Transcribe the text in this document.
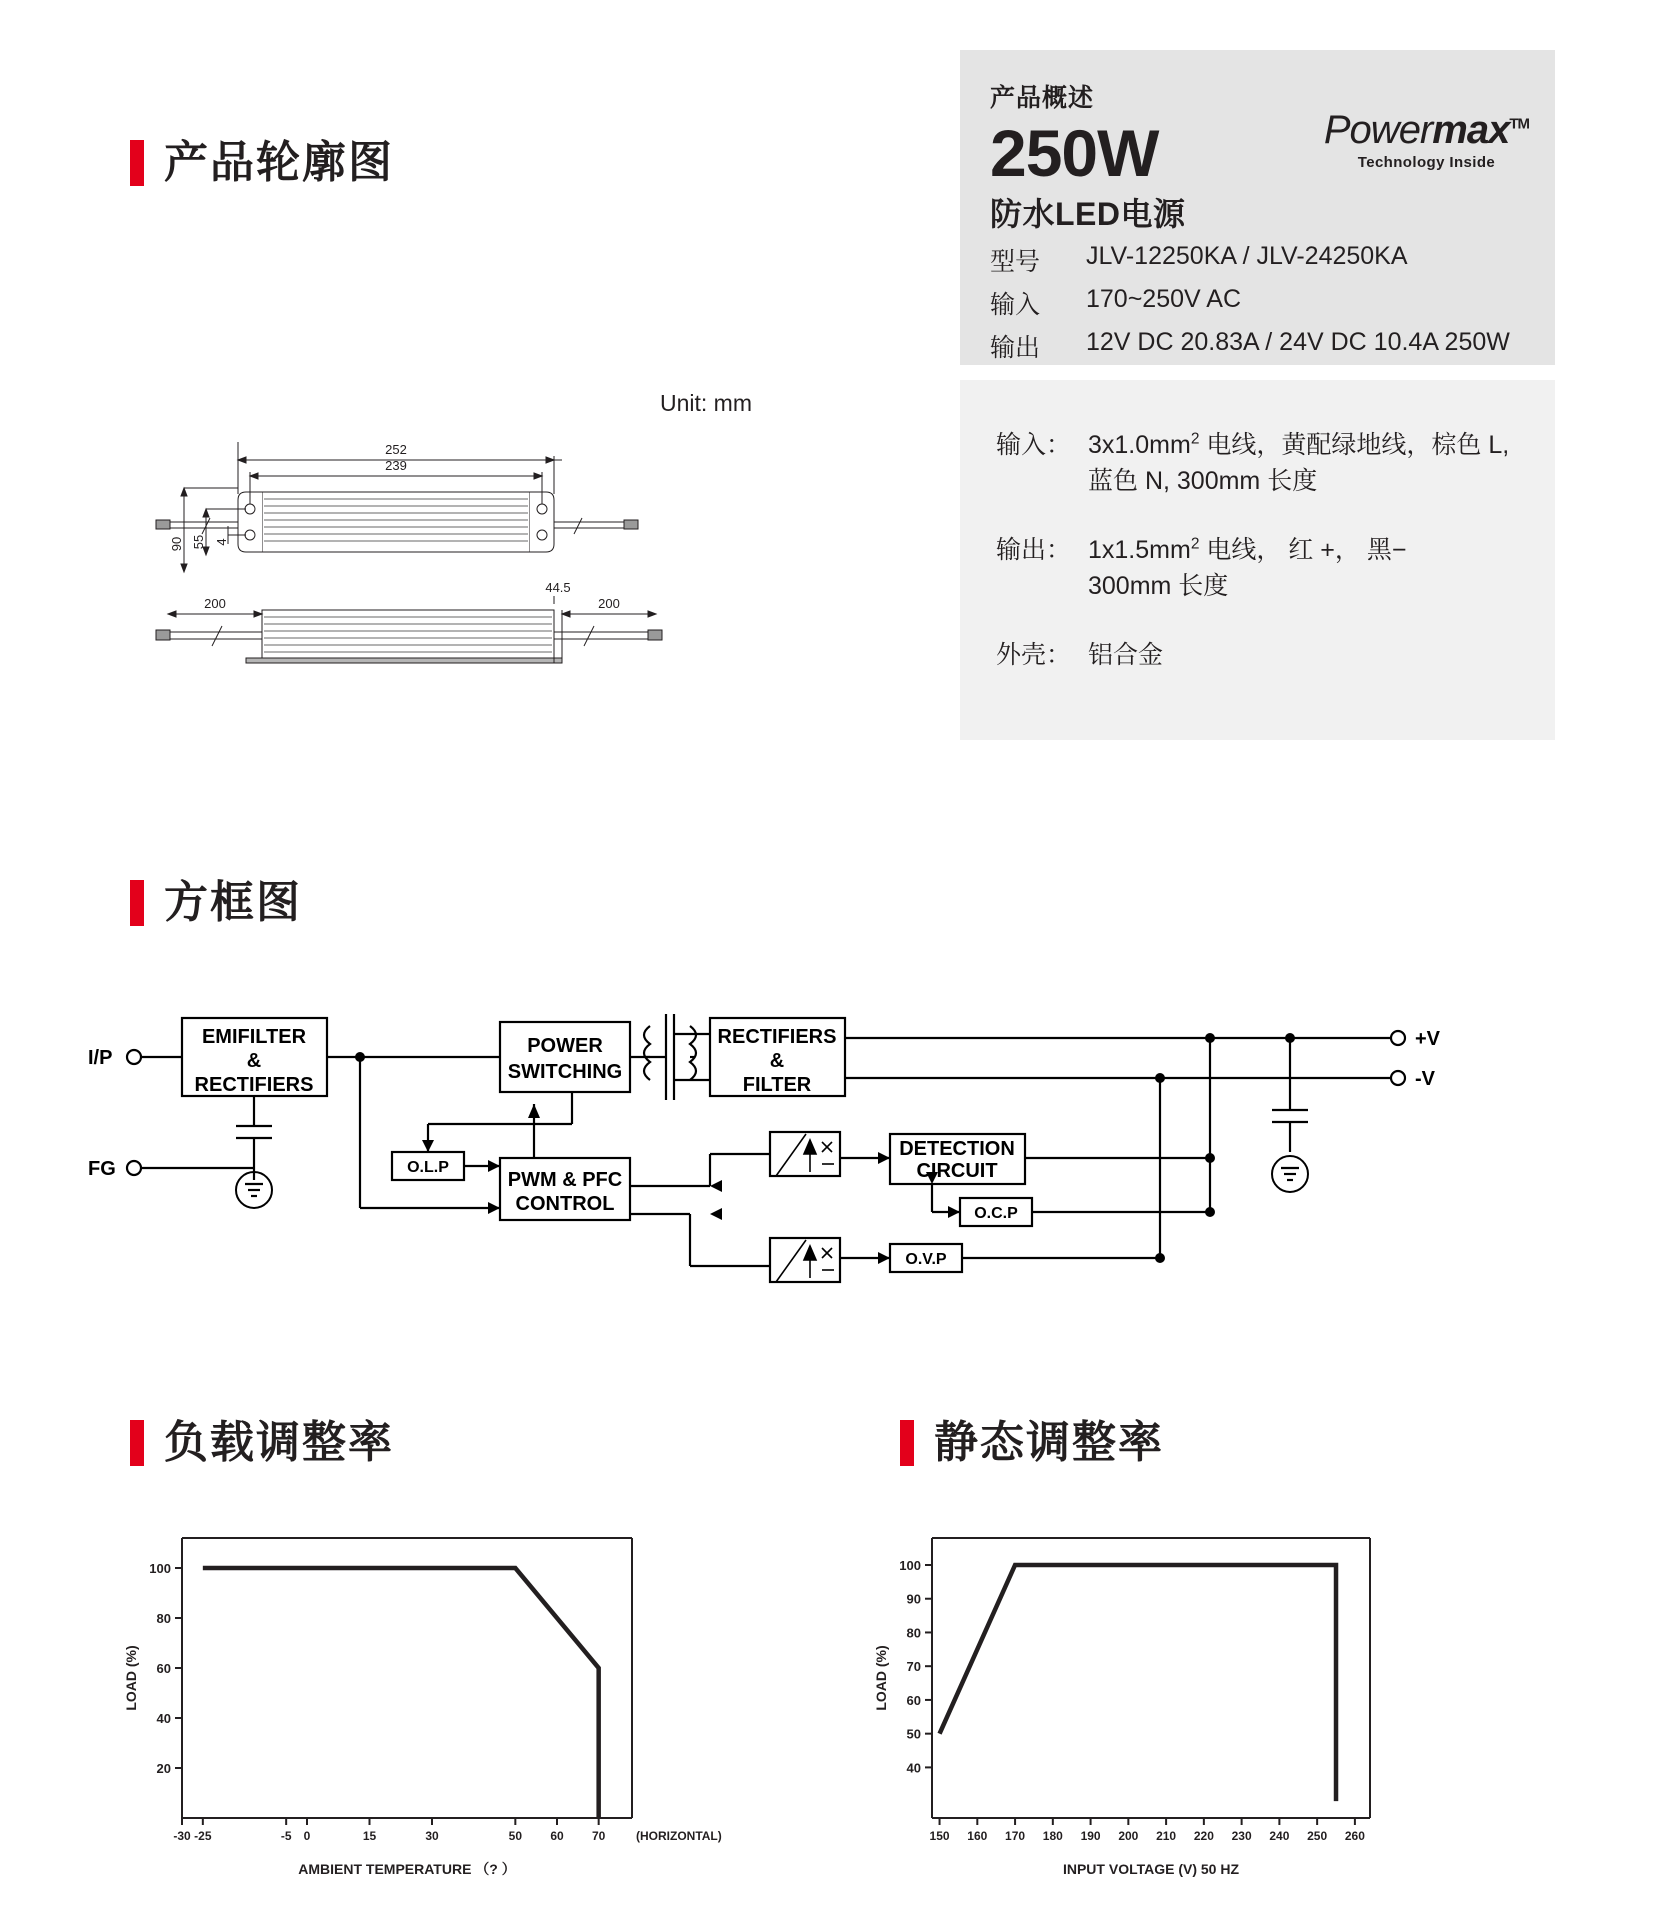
产品轮廓图
Unit: mm
产品概述
250W
防水LED电源
型号	JLV-12250KA / JLV-24250KA
输入	170~250V AC
输出	12V DC 20.83A / 24V DC 10.4A 250W
Powermax™
Technology Inside
输入： $3x1.0mm^2$ 电线，黄配绿地线，棕色 L,
蓝色 N, 300mm 长度
输出： $1x1.5mm^2$ 电线， 红 +， 黑−
300mm 长度
外壳： 铝合金
252
239
90 55 4
200	200
44.5
方框图
I/P
FG
+V
-V
EMIFILTER
&
RECTIFIERS
POWER
SWITCHING
RECTIFIERS
&
FILTER
O.L.P
PWM & PFC
CONTROL
DETECTION
CIRCUIT
O.C.P
O.V.P
负载调整率	静态调整率
20
40
60
80
100
-30 -25	-5 0	15	30	50 60 70
LOAD (%)
AMBIENT TEMPERATURE （? ）
(HORIZONTAL)
40
50
60
70
80
90
100
150 160 170 180 190 200 210 220 230 240 250 260
LOAD (%)
INPUT VOLTAGE (V) 50 HZ
